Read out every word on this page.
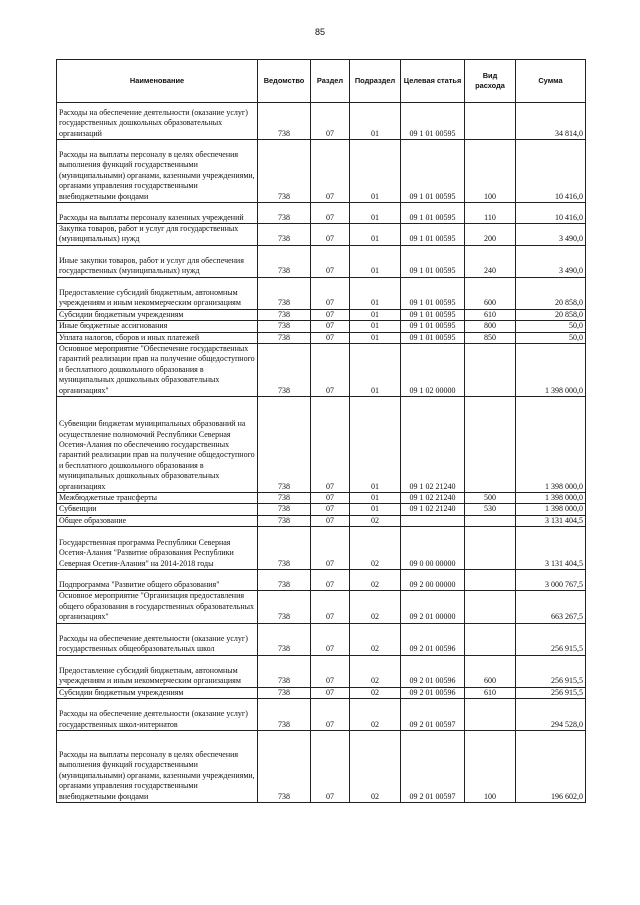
85
Наименование	Ведомство	Раздел	Подраздел	Целевая статья	Вид расхода	Сумма
Расходы на обеспечение деятельности (оказание услуг) государственных дошкольных образовательных организаций	738	07	01	09 1 01 00595		34 814,0
Расходы на выплаты персоналу в целях обеспечения выполнения функций государственными (муниципальными) органами, казенными учреждениями, органами управления государственными внебюджетными фондами	738	07	01	09 1 01 00595	100	10 416,0
Расходы на выплаты персоналу казенных учреждений	738	07	01	09 1 01 00595	110	10 416,0
Закупка товаров, работ и услуг для государственных (муниципальных) нужд	738	07	01	09 1 01 00595	200	3 490,0
Иные закупки товаров, работ и услуг для обеспечения государственных (муниципальных) нужд	738	07	01	09 1 01 00595	240	3 490,0
Предоставление субсидий бюджетным, автономным учреждениям и иным некоммерческим организациям	738	07	01	09 1 01 00595	600	20 858,0
Субсидии бюджетным учреждениям	738	07	01	09 1 01 00595	610	20 858,0
Иные бюджетные ассигнования	738	07	01	09 1 01 00595	800	50,0
Уплата налогов, сборов и иных платежей	738	07	01	09 1 01 00595	850	50,0
Основное мероприятие "Обеспечение государственных гарантий реализации прав на получение общедоступного и бесплатного дошкольного образования в муниципальных дошкольных образовательных организациях"	738	07	01	09 1 02 00000		1 398 000,0
Субвенции бюджетам муниципальных образований на осуществление полномочий Республики Северная Осетия-Алания по обеспечению государственных гарантий реализации прав на получение общедоступного и бесплатного дошкольного образования в муниципальных дошкольных образовательных организациях	738	07	01	09 1 02 21240		1 398 000,0
Межбюджетные трансферты	738	07	01	09 1 02 21240	500	1 398 000,0
Субвенции	738	07	01	09 1 02 21240	530	1 398 000,0
Общее образование	738	07	02			3 131 404,5
Государственная программа Республики Северная Осетия-Алания "Развитие образования Республики Северная Осетия-Алания" на 2014-2018 годы	738	07	02	09 0 00 00000		3 131 404,5
Подпрограмма "Развитие общего образования"	738	07	02	09 2 00 00000		3 000 767,5
Основное мероприятие "Организация предоставления общего образования в государственных образовательных организациях"	738	07	02	09 2 01 00000		663 267,5
Расходы на обеспечение деятельности (оказание услуг) государственных общеобразовательных школ	738	07	02	09 2 01 00596		256 915,5
Предоставление субсидий бюджетным, автономным учреждениям и иным некоммерческим организациям	738	07	02	09 2 01 00596	600	256 915,5
Субсидии бюджетным учреждениям	738	07	02	09 2 01 00596	610	256 915,5
Расходы на обеспечение деятельности (оказание услуг) государственных школ-интернатов	738	07	02	09 2 01 00597		294 528,0
Расходы на выплаты персоналу в целях обеспечения выполнения функций государственными (муниципальными) органами, казенными учреждениями, органами управления государственными внебюджетными фондами	738	07	02	09 2 01 00597	100	196 602,0
